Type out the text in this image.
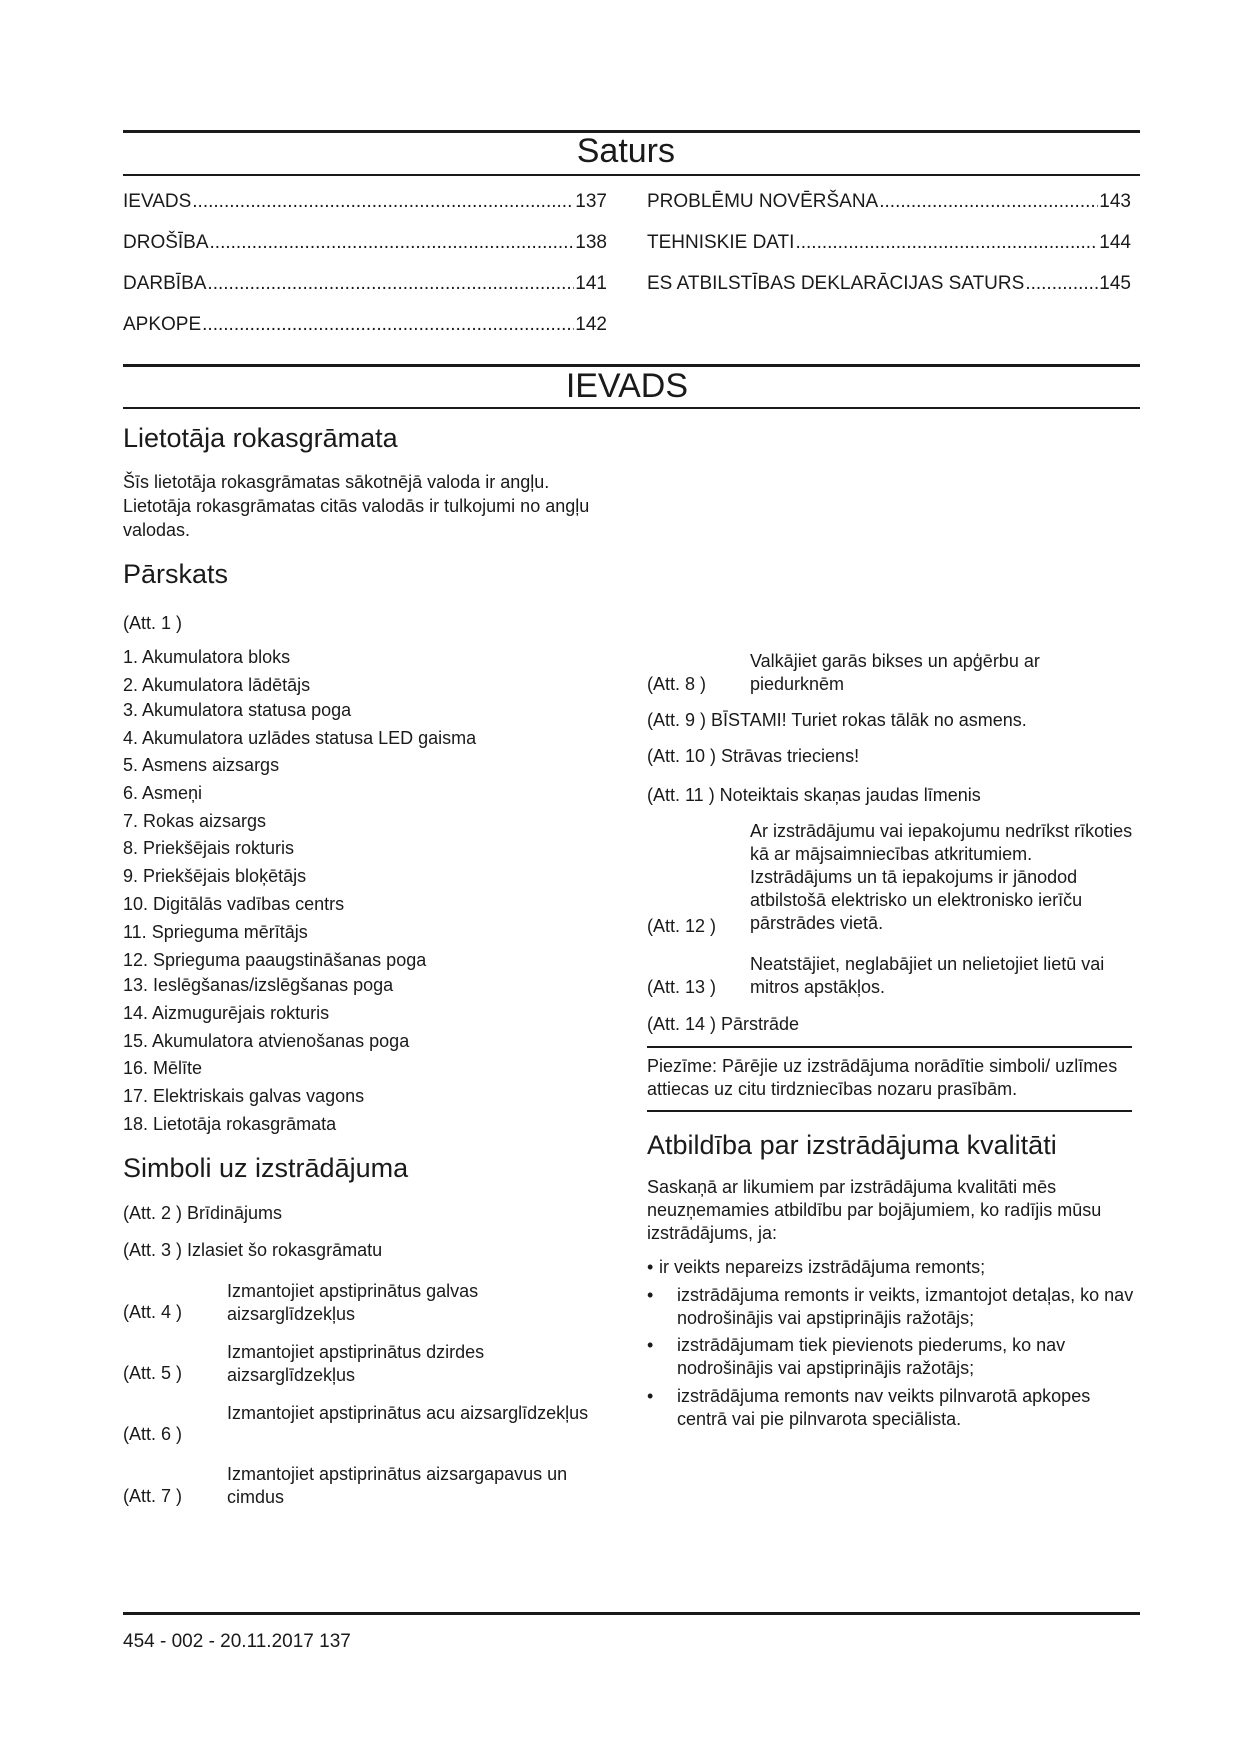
Saturs
IEVADS .....	137
DROŠĪBA .....	138
DARBĪBA .....	141
APKOPE .....	142
PROBLĒMU NOVĒRŠANA .....	143
TEHNISKIE DATI .....	144
ES ATBILSTĪBAS DEKLARĀCIJAS SATURS .....	145
IEVADS
Lietotāja rokasgrāmata
Šīs lietotāja rokasgrāmatas sākotnējā valoda ir angļu. Lietotāja rokasgrāmatas citās valodās ir tulkojumi no angļu valodas.
Pārskats
(Att. 1 )
1. Akumulatora bloks
2. Akumulatora lādētājs
3. Akumulatora statusa poga
4. Akumulatora uzlādes statusa LED gaisma
5. Asmens aizsargs
6. Asmeņi
7. Rokas aizsargs
8. Priekšējais rokturis
9. Priekšējais bloķētājs
10. Digitālās vadības centrs
11. Sprieguma mērītājs
12. Sprieguma paaugstināšanas poga
13. Ieslēgšanas/izslēgšanas poga
14. Aizmugurējais rokturis
15. Akumulatora atvienošanas poga
16. Mēlīte
17. Elektriskais galvas vagons
18. Lietotāja rokasgrāmata
Simboli uz izstrādājuma
(Att. 2 ) Brīdinājums
(Att. 3 ) Izlasiet šo rokasgrāmatu
(Att. 4 )
Izmantojiet apstiprinātus galvas aizsarglīdzekļus
(Att. 5 )
Izmantojiet apstiprinātus dzirdes aizsarglīdzekļus
(Att. 6 )
Izmantojiet apstiprinātus acu aizsarglīdzekļus
(Att. 7 )
Izmantojiet apstiprinātus aizsargapavus un cimdus
(Att. 8 )
Valkājiet garās bikses un apģērbu ar piedurknēm
(Att. 9 ) BĪSTAMI! Turiet rokas tālāk no asmens.
(Att. 10 ) Strāvas trieciens!
(Att. 11 ) Noteiktais skaņas jaudas līmenis
(Att. 12 )
Ar izstrādājumu vai iepakojumu nedrīkst rīkoties kā ar mājsaimniecības atkritumiem. Izstrādājums un tā iepakojums ir jānodod atbilstošā elektrisko un elektronisko ierīču pārstrādes vietā.
(Att. 13 )
Neatstājiet, neglabājiet un nelietojiet lietū vai mitros apstākļos.
(Att. 14 ) Pārstrāde
Piezīme: Pārējie uz izstrādājuma norādītie simboli/ uzlīmes attiecas uz citu tirdzniecības nozaru prasībām.
Atbildība par izstrādājuma kvalitāti
Saskaņā ar likumiem par izstrādājuma kvalitāti mēs neuzņemamies atbildību par bojājumiem, ko radījis mūsu izstrādājums, ja:
• ir veikts nepareizs izstrādājuma remonts;
•	izstrādājuma remonts ir veikts, izmantojot detaļas, ko nav nodrošinājis vai apstiprinājis ražotājs;
•	izstrādājumam tiek pievienots piederums, ko nav nodrošinājis vai apstiprinājis ražotājs;
•	izstrādājuma remonts nav veikts pilnvarotā apkopes centrā vai pie pilnvarota speciālista.
454 - 002 - 20.11.2017 137
